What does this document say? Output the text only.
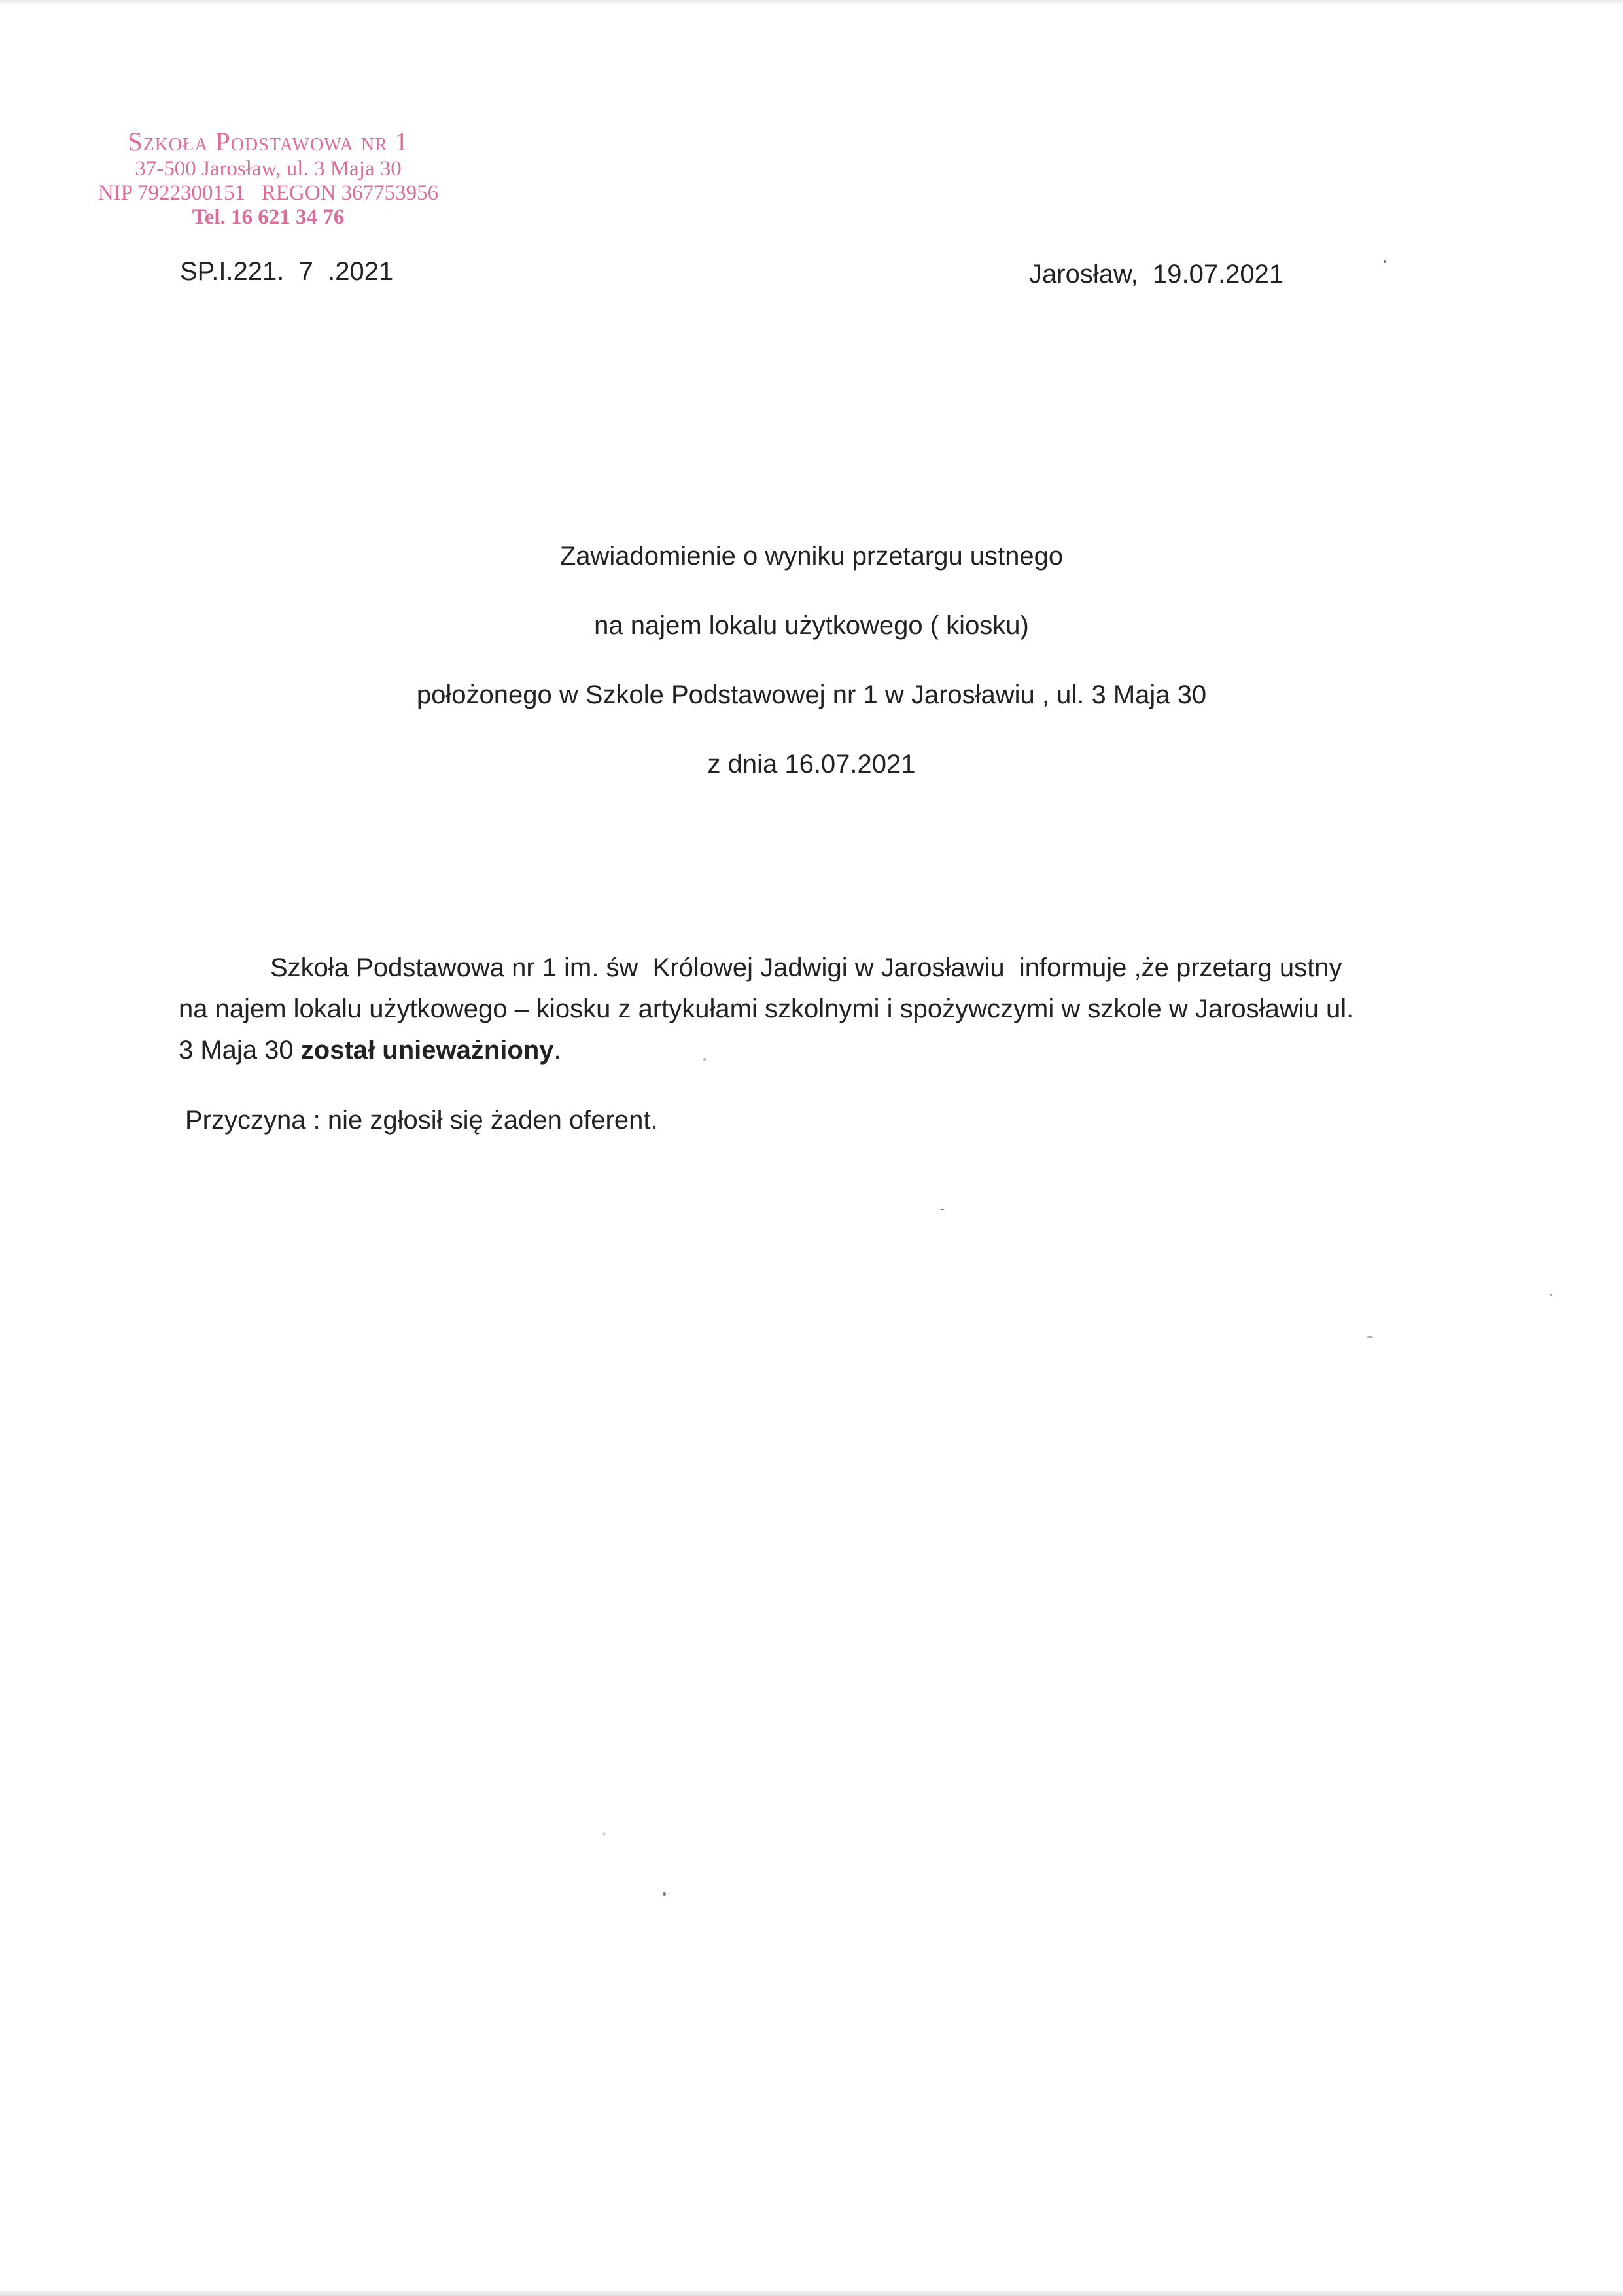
Szkoła Podstawowa nr 1
37-500 Jarosław, ul. 3 Maja 30
NIP 7922300151   REGON 367753956
Tel. 16 621 34 76
SP.I.221.  7  .2021	Jarosław,  19.07.2021
Zawiadomienie o wyniku przetargu ustnego
na najem lokalu użytkowego ( kiosku)
położonego w Szkole Podstawowej nr 1 w Jarosławiu , ul. 3 Maja 30
z dnia 16.07.2021

Szkoła Podstawowa nr 1 im. św  Królowej Jadwigi w Jarosławiu  informuje ,że przetarg ustny

na najem lokalu użytkowego – kiosku z artykułami szkolnymi i spożywczymi w szkole w Jarosławiu ul.

3 Maja 30 został unieważniony.

Przyczyna : nie zgłosił się żaden oferent.
